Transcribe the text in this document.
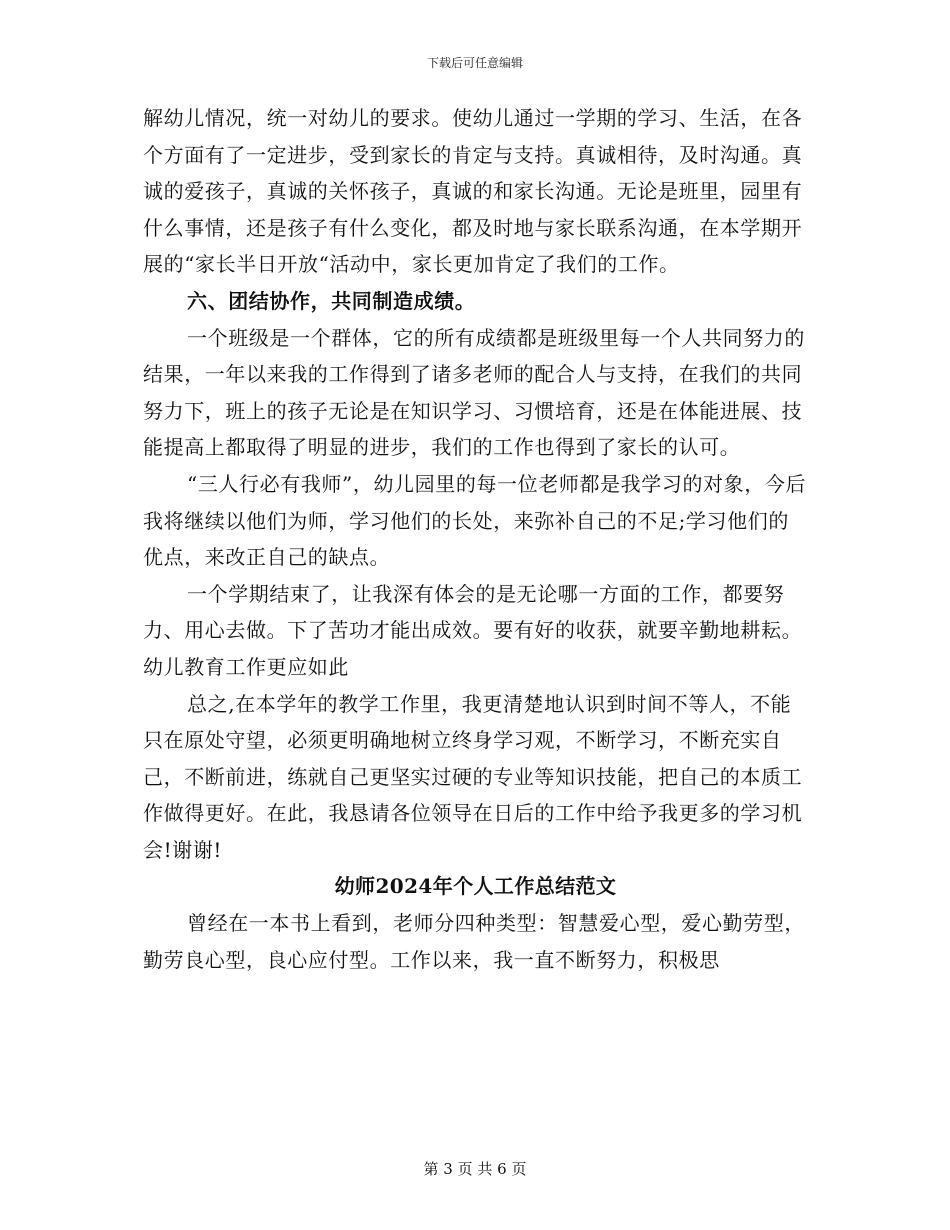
下载后可任意编辑

解幼儿情况，统一对幼儿的要求。使幼儿通过一学期的学习、生活，在各个方面有了一定进步，受到家长的肯定与支持。真诚相待，及时沟通。真诚的爱孩子，真诚的关怀孩子，真诚的和家长沟通。无论是班里，园里有什么事情，还是孩子有什么变化，都及时地与家长联系沟通，在本学期开展的“家长半日开放“活动中，家长更加肯定了我们的工作。

六、团结协作，共同制造成绩。

一个班级是一个群体，它的所有成绩都是班级里每一个人共同努力的结果，一年以来我的工作得到了诸多老师的配合人与支持，在我们的共同努力下，班上的孩子无论是在知识学习、习惯培育，还是在体能进展、技能提高上都取得了明显的进步，我们的工作也得到了家长的认可。

“三人行必有我师”，幼儿园里的每一位老师都是我学习的对象，今后我将继续以他们为师，学习他们的长处，来弥补自己的不足;学习他们的优点，来改正自己的缺点。

一个学期结束了，让我深有体会的是无论哪一方面的工作，都要努力、用心去做。下了苦功才能出成效。要有好的收获，就要辛勤地耕耘。幼儿教育工作更应如此

总之,在本学年的教学工作里，我更清楚地认识到时间不等人，不能只在原处守望，必须更明确地树立终身学习观，不断学习，不断充实自己，不断前进，练就自己更坚实过硬的专业等知识技能，把自己的本质工作做得更好。在此，我恳请各位领导在日后的工作中给予我更多的学习机会!谢谢!

幼师2024年个人工作总结范文

曾经在一本书上看到，老师分四种类型：智慧爱心型，爱心勤劳型，勤劳良心型，良心应付型。工作以来，我一直不断努力，积极思

第 3 页 共 6 页
